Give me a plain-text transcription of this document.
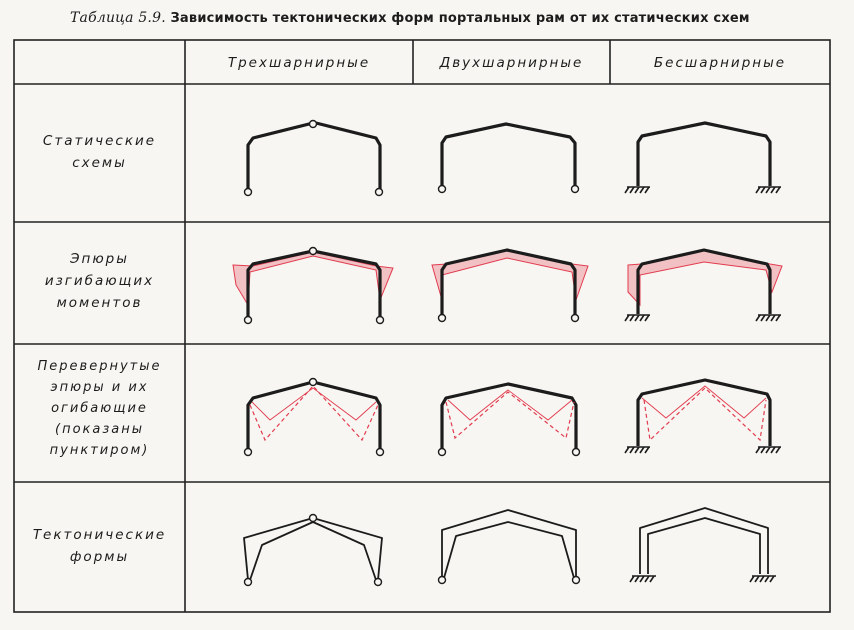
Таблица 5.9. Зависимость тектонических форм портальных рам от их статических схем
Трехшарнирные	Двухшарнирные	Бесшарнирные
Статические
схемы
Эпюры
изгибающих
моментов
Перевернутые
эпюры и их
огибающие
(показаны
пунктиром)
Тектонические
формы
